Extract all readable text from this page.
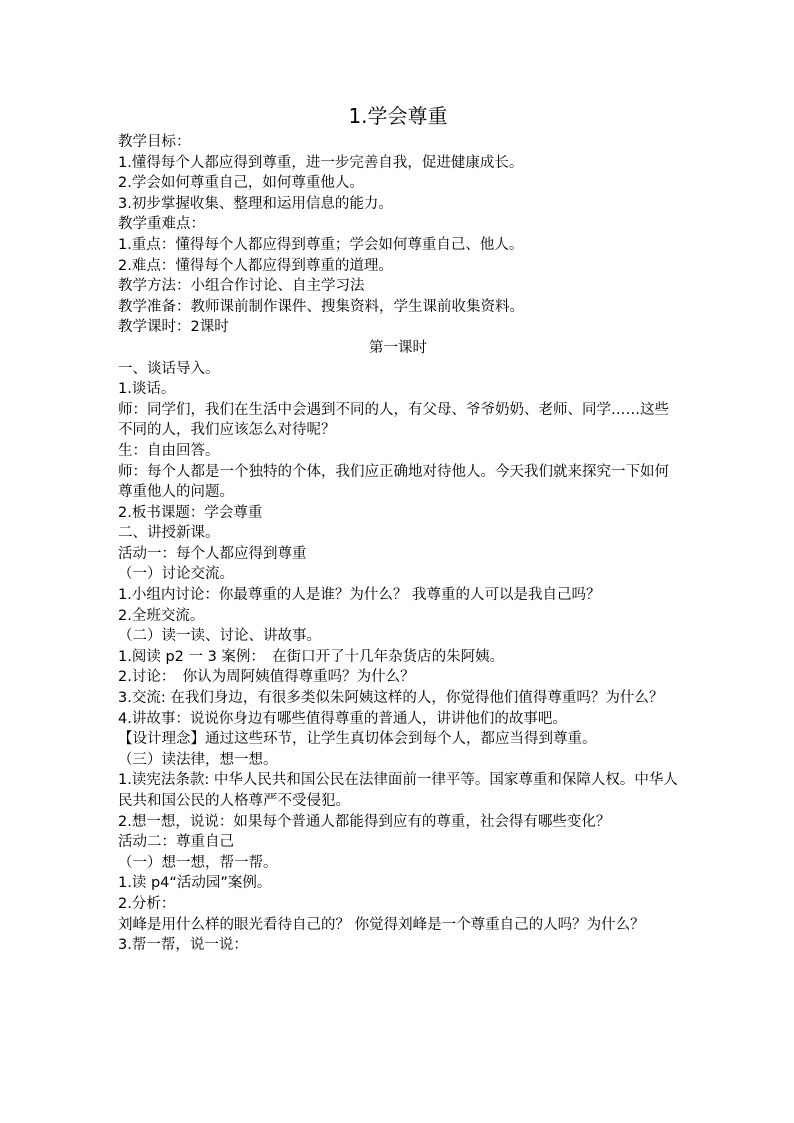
1.学会尊重

教学目标：

1.懂得每个人都应得到尊重，进一步完善自我，促进健康成长。

2.学会如何尊重自己，如何尊重他人。

3.初步掌握收集、整理和运用信息的能力。

教学重难点：

1.重点：懂得每个人都应得到尊重；学会如何尊重自己、他人。

2.难点：懂得每个人都应得到尊重的道理。

教学方法：小组合作讨论、自主学习法

教学准备：教师课前制作课件、搜集资料，学生课前收集资料。

教学课时：2课时

第一课时

一、谈话导入。

1.谈话。

师：同学们，我们在生活中会遇到不同的人，有父母、爷爷奶奶、老师、同学……这些不同的人，我们应该怎么对待呢？

生：自由回答。

师：每个人都是一个独特的个体，我们应正确地对待他人。今天我们就来探究一下如何尊重他人的问题。

2.板书课题：学会尊重

二、讲授新课。

活动一：每个人都应得到尊重

（一）讨论交流。

1.小组内讨论：你最尊重的人是谁？为什么？ 我尊重的人可以是我自己吗？

2.全班交流。

（二）读一读、讨论、讲故事。

1.阅读 p2 一 3 案例：　在街口开了十几年杂货店的朱阿姨。

2.讨论：　你认为周阿姨值得尊重吗？为什么？

3.交流: 在我们身边，有很多类似朱阿姨这样的人，你觉得他们值得尊重吗？为什么？

4.讲故事：说说你身边有哪些值得尊重的普通人，讲讲他们的故事吧。

【设计理念】通过这些环节，让学生真切体会到每个人，都应当得到尊重。

（三）读法律，想一想。

1.读宪法条款: 中华人民共和国公民在法律面前一律平等。国家尊重和保障人权。中华人民共和国公民的人格尊严不受侵犯。

2.想一想，说说：如果每个普通人都能得到应有的尊重，社会得有哪些变化？

活动二：尊重自己

（一）想一想，帮一帮。

1.读 p4“活动园”案例。

2.分析：

刘峰是用什么样的眼光看待自己的？ 你觉得刘峰是一个尊重自己的人吗？为什么？

3.帮一帮，说一说：
